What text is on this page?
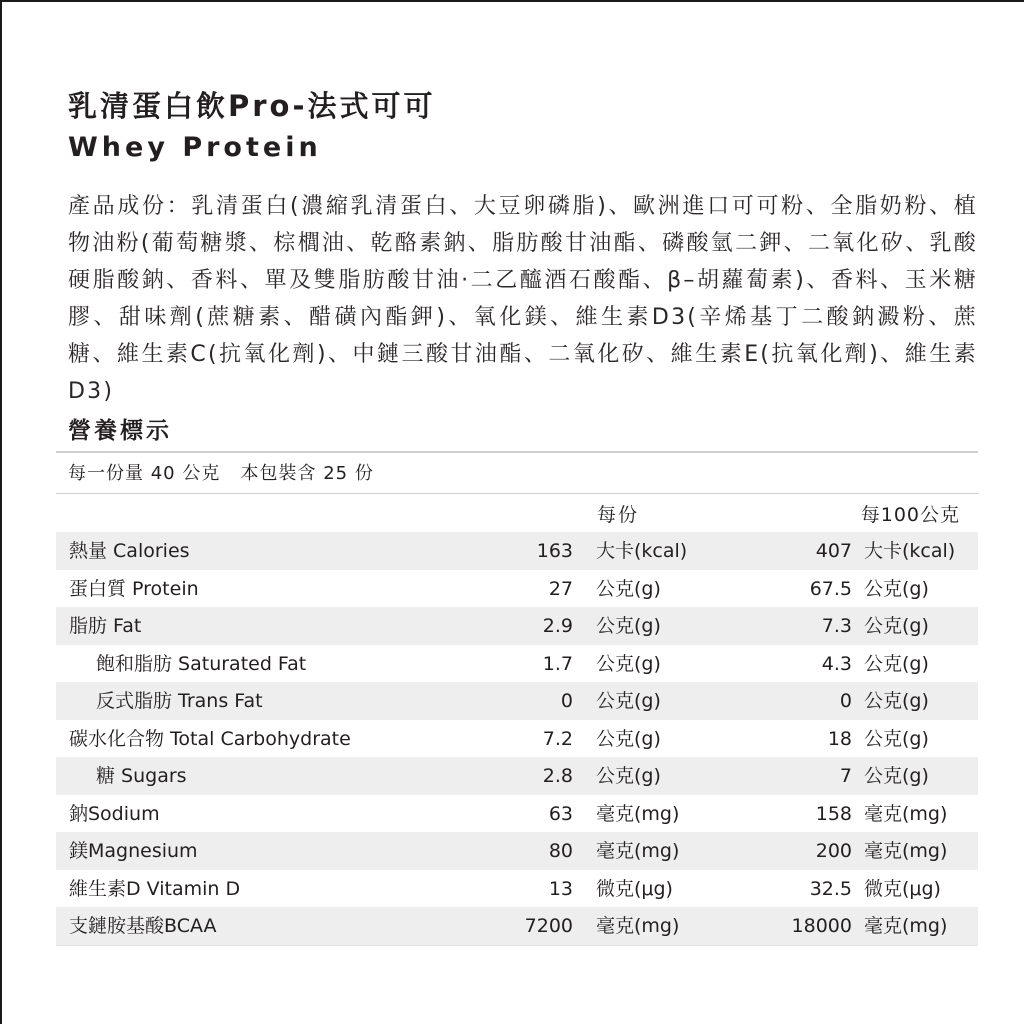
乳清蛋白飲Pro-法式可可
Whey Protein

產品成份：乳清蛋白(濃縮乳清蛋白、大豆卵磷脂)、歐洲進口可可粉、全脂奶粉、植物油粉(葡萄糖漿、棕櫚油、乾酪素鈉、脂肪酸甘油酯、磷酸氫二鉀、二氧化矽、乳酸硬脂酸鈉、香料、單及雙脂肪酸甘油·二乙醯酒石酸酯、β–胡蘿蔔素)、香料、玉米糖膠、甜味劑(蔗糖素、醋磺內酯鉀)、氧化鎂、維生素D3(辛烯基丁二酸鈉澱粉、蔗糖、維生素C(抗氧化劑)、中鏈三酸甘油酯、二氧化矽、維生素E(抗氧化劑)、維生素D3)

營養標示
每一份量 40 公克   本包裝含 25 份
每份	每100公克
熱量 Calories	163 大卡(kcal)	407 大卡(kcal)
蛋白質 Protein	27 公克(g)	67.5 公克(g)
脂肪 Fat	2.9 公克(g)	7.3 公克(g)
飽和脂肪 Saturated Fat	1.7 公克(g)	4.3 公克(g)
反式脂肪 Trans Fat	0 公克(g)	0 公克(g)
碳水化合物 Total Carbohydrate	7.2 公克(g)	18 公克(g)
糖 Sugars	2.8 公克(g)	7 公克(g)
鈉Sodium	63 毫克(mg)	158 毫克(mg)
鎂Magnesium	80 毫克(mg)	200 毫克(mg)
維生素D Vitamin D	13 微克(μg)	32.5 微克(μg)
支鏈胺基酸BCAA	7200 毫克(mg)	18000 毫克(mg)
